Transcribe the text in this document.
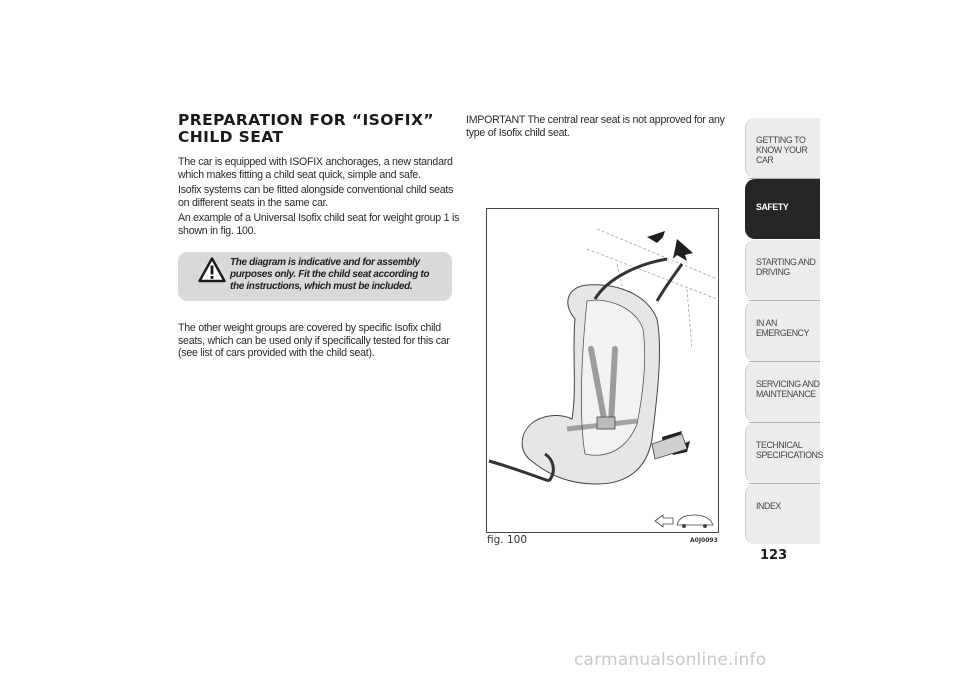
PREPARATION FOR “ISOFIX”
CHILD SEAT

The car is equipped with ISOFIX anchorages, a new standard which makes fitting a child seat quick, simple and safe.

Isofix systems can be fitted alongside conventional child seats on different seats in the same car.

An example of a Universal Isofix child seat for weight group 1 is shown in fig. 100.

The diagram is indicative and for assembly purposes only. Fit the child seat according to the instructions, which must be included.

The other weight groups are covered by specific Isofix child seats, which can be used only if specifically tested for this car (see list of cars provided with the child seat).

IMPORTANT The central rear seat is not approved for any type of Isofix child seat.

fig. 100	A0J0093

GETTING TO KNOW YOUR CAR
SAFETY
STARTING AND DRIVING
IN AN EMERGENCY
SERVICING AND MAINTENANCE
TECHNICAL SPECIFICATIONS
INDEX

123

carmanualsonline.info
